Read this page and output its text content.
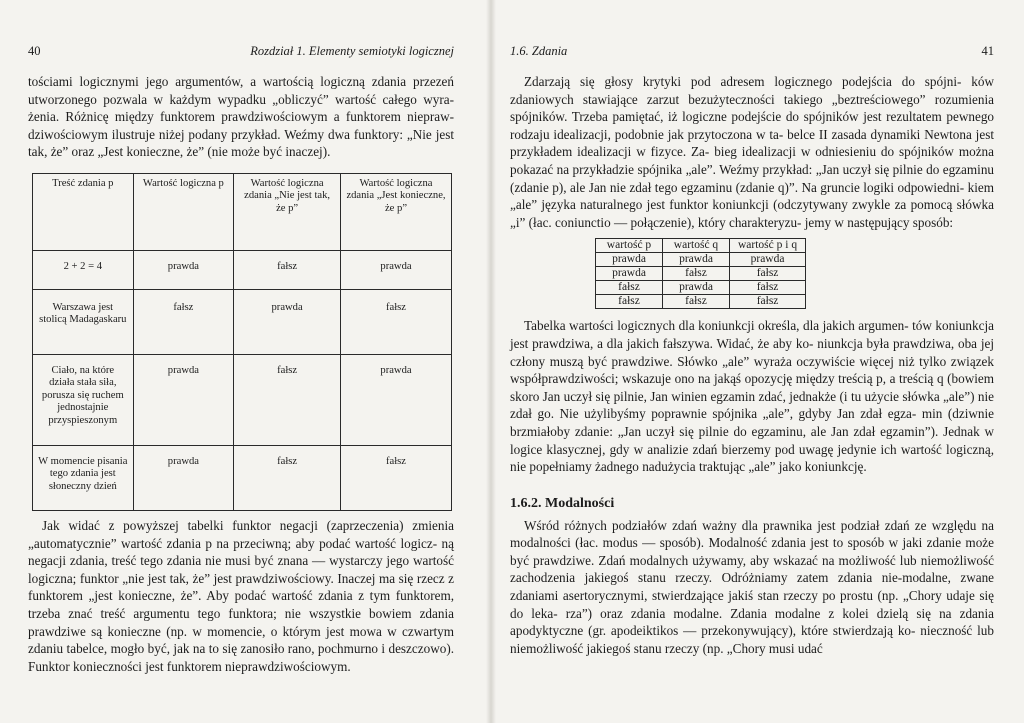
40	Rozdział 1. Elementy semiotyki logicznej

tościami logicznymi jego argumentów, a wartością logiczną zdania przezeń utworzonego pozwala w każdym wypadku „obliczyć” wartość całego wyra- żenia. Różnicę między funktorem prawdziwościowym a funktorem niepraw- dziwościowym ilustruje niżej podany przykład. Weźmy dwa funktory: „Nie jest tak, że” oraz „Jest konieczne, że” (nie może być inaczej).

Treść zdania p	Wartość logiczna p	Wartość logiczna zdania „Nie jest tak, że p”	Wartość logiczna zdania „Jest konieczne, że p”
2 + 2 = 4	prawda	fałsz	prawda
Warszawa jest stolicą Madagaskaru	fałsz	prawda	fałsz
Ciało, na które działa stała siła, porusza się ruchem jednostajnie przyspieszonym	prawda	fałsz	prawda
W momencie pisania tego zdania jest słoneczny dzień	prawda	fałsz	fałsz

Jak widać z powyższej tabelki funktor negacji (zaprzeczenia) zmienia „automatycznie” wartość zdania p na przeciwną; aby podać wartość logicz- ną negacji zdania, treść tego zdania nie musi być znana — wystarczy jego wartość logiczna; funktor „nie jest tak, że” jest prawdziwościowy. Inaczej ma się rzecz z funktorem „jest konieczne, że”. Aby podać wartość zdania z tym funktorem, trzeba znać treść argumentu tego funktora; nie wszystkie bowiem zdania prawdziwe są konieczne (np. w momencie, o którym jest mowa w czwartym zdaniu tabelce, mogło być, jak na to się zanosiło rano, pochmurno i deszczowo). Funktor konieczności jest funktorem nieprawdziwościowym.

1.6. Zdania	41

Zdarzają się głosy krytyki pod adresem logicznego podejścia do spójni- ków zdaniowych stawiające zarzut bezużyteczności takiego „beztreściowego” rozumienia spójników. Trzeba pamiętać, iż logiczne podejście do spójników jest rezultatem pewnego rodzaju idealizacji, podobnie jak przytoczona w ta- belce II zasada dynamiki Newtona jest przykładem idealizacji w fizyce. Za- bieg idealizacji w odniesieniu do spójników można pokazać na przykładzie spójnika „ale”. Weźmy przykład: „Jan uczył się pilnie do egzaminu (zdanie p), ale Jan nie zdał tego egzaminu (zdanie q)”. Na gruncie logiki odpowiedni- kiem „ale” języka naturalnego jest funktor koniunkcji (odczytywany zwykle za pomocą słówka „i” (łac. coniunctio — połączenie), który charakteryzu- jemy w następujący sposób:

wartość p	wartość q	wartość p i q
prawda	prawda	prawda
prawda	fałsz	fałsz
fałsz	prawda	fałsz
fałsz	fałsz	fałsz

Tabelka wartości logicznych dla koniunkcji określa, dla jakich argumen- tów koniunkcja jest prawdziwa, a dla jakich fałszywa. Widać, że aby ko- niunkcja była prawdziwa, oba jej człony muszą być prawdziwe. Słówko „ale” wyraża oczywiście więcej niż tylko związek współprawdziwości; wskazuje ono na jakąś opozycję między treścią p, a treścią q (bowiem skoro Jan uczył się pilnie, Jan winien egzamin zdać, jednakże (i tu użycie słówka „ale”) nie zdał go. Nie użylibyśmy poprawnie spójnika „ale”, gdyby Jan zdał egza- min (dziwnie brzmiałoby zdanie: „Jan uczył się pilnie do egzaminu, ale Jan zdał egzamin”). Jednak w logice klasycznej, gdy w analizie zdań bierzemy pod uwagę jedynie ich wartość logiczną, nie popełniamy żadnego nadużycia traktując „ale” jako koniunkcję.

1.6.2. Modalności

Wśród różnych podziałów zdań ważny dla prawnika jest podział zdań ze względu na modalności (łac. modus — sposób). Modalność zdania jest to sposób w jaki zdanie może być prawdziwe. Zdań modalnych używamy, aby wskazać na możliwość lub niemożliwość zachodzenia jakiegoś stanu rzeczy. Odróżniamy zatem zdania nie-modalne, zwane zdaniami asertorycznymi, stwierdzające jakiś stan rzeczy po prostu (np. „Chory udaje się do leka- rza”) oraz zdania modalne. Zdania modalne z kolei dzielą się na zdania apodyktyczne (gr. apodeiktikos — przekonywujący), które stwierdzają ko- nieczność lub niemożliwość jakiegoś stanu rzeczy (np. „Chory musi udać
